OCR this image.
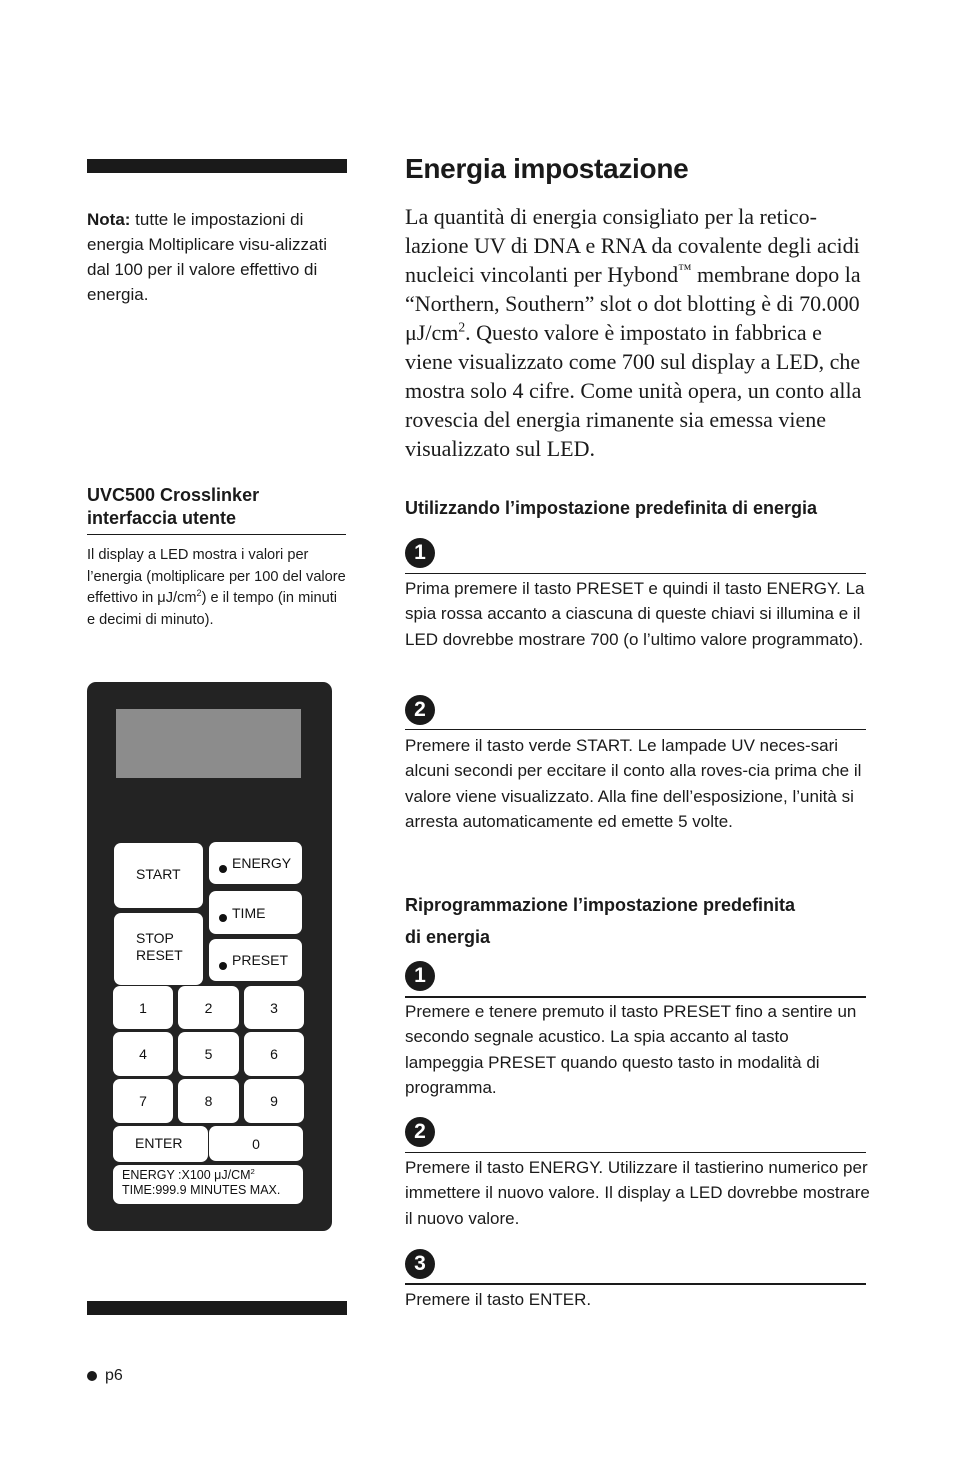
Nota: tutte le impostazioni di energia Moltiplicare visu-alizzati dal 100 per il valore effettivo di energia.
UVC500 Crosslinker interfaccia utente
Il display a LED mostra i valori per l’energia (moltiplicare per 100 del valore effettivo in $\mu J/cm^2$) e il tempo (in minuti e decimi di minuto).
START
ENERGY
STOP
RESET
TIME
PRESET
1	2	3
4	5	6
7	8	9
ENTER	0
ENERGY :X100 $\mu J/CM^2$
TIME:999.9 MINUTES MAX.
Energia impostazione

La quantità di energia consigliato per la retico-lazione UV di DNA e RNA da covalente degli acidi nucleici vincolanti per Hybond™ membrane dopo la “Northern, Southern” slot o dot blotting è di 70.000 $\mu J/cm^2$. Questo valore è impostato in fabbrica e viene visualizzato come 700 sul display a LED, che mostra solo 4 cifre. Come unità opera, un conto alla rovescia del energia rimanente sia emessa viene visualizzato sul LED.

Utilizzando l’impostazione predefinita di energia
1

Prima premere il tasto PRESET e quindi il tasto ENERGY. La spia rossa accanto a ciascuna di queste chiavi si illumina e il LED dovrebbe mostrare 700 (o l’ultimo valore programmato).

2

Premere il tasto verde START. Le lampade UV neces-sari alcuni secondi per eccitare il conto alla roves-cia prima che il valore viene visualizzato. Alla fine dell’esposizione, l’unità si arresta automaticamente ed emette 5 volte.

Riprogrammazione l’impostazione predefinita
di energia
1

Premere e tenere premuto il tasto PRESET fino a sentire un secondo segnale acustico. La spia accanto al tasto lampeggia PRESET quando questo tasto in modalità di programma.

2

Premere il tasto ENERGY. Utilizzare il tastierino numerico per immettere il nuovo valore. Il display a LED dovrebbe mostrare il nuovo valore.

3

Premere il tasto ENTER.

p6
